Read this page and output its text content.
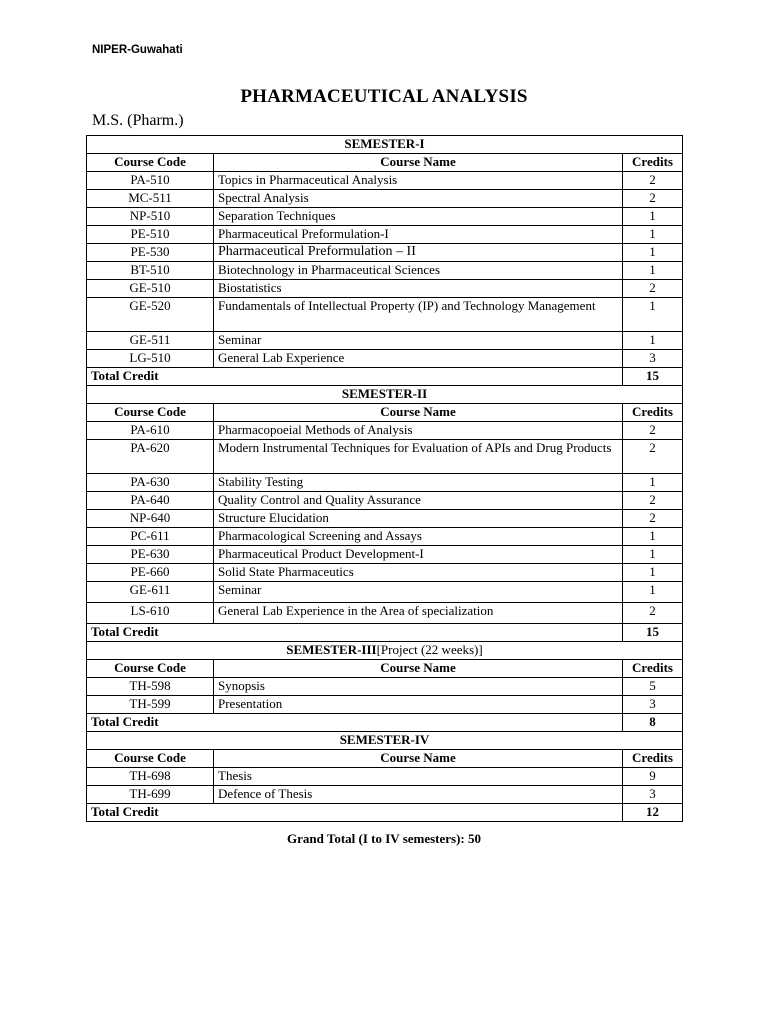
NIPER-Guwahati
PHARMACEUTICAL ANALYSIS
M.S. (Pharm.)
SEMESTER-I		
Course Code	Course Name	Credits
PA-510	Topics in Pharmaceutical Analysis	2
MC-511	Spectral Analysis	2
NP-510	Separation Techniques	1
PE-510	Pharmaceutical Preformulation-I	1
PE-530	Pharmaceutical Preformulation – II	1
BT-510	Biotechnology in Pharmaceutical Sciences	1
GE-510	Biostatistics	2
GE-520	Fundamentals of Intellectual Property (IP) and Technology Management	1
GE-511	Seminar	1
LG-510	General Lab Experience	3
Total Credit		15
SEMESTER-II		
Course Code	Course Name	Credits
PA-610	Pharmacopoeial Methods of Analysis	2
PA-620	Modern Instrumental Techniques for Evaluation of APIs and Drug Products	2
PA-630	Stability Testing	1
PA-640	Quality Control and Quality Assurance	2
NP-640	Structure Elucidation	2
PC-611	Pharmacological Screening and Assays	1
PE-630	Pharmaceutical Product Development-I	1
PE-660	Solid State Pharmaceutics	1
GE-611	Seminar	1
LS-610	General Lab Experience in the Area of specialization	2
Total Credit		15
SEMESTER-III[Project (22 weeks)]		
Course Code	Course Name	Credits
TH-598	Synopsis	5
TH-599	Presentation	3
Total Credit		8
SEMESTER-IV		
Course Code	Course Name	Credits
TH-698	Thesis	9
TH-699	Defence of Thesis	3
Total Credit		12
Grand Total (I to IV semesters): 50
